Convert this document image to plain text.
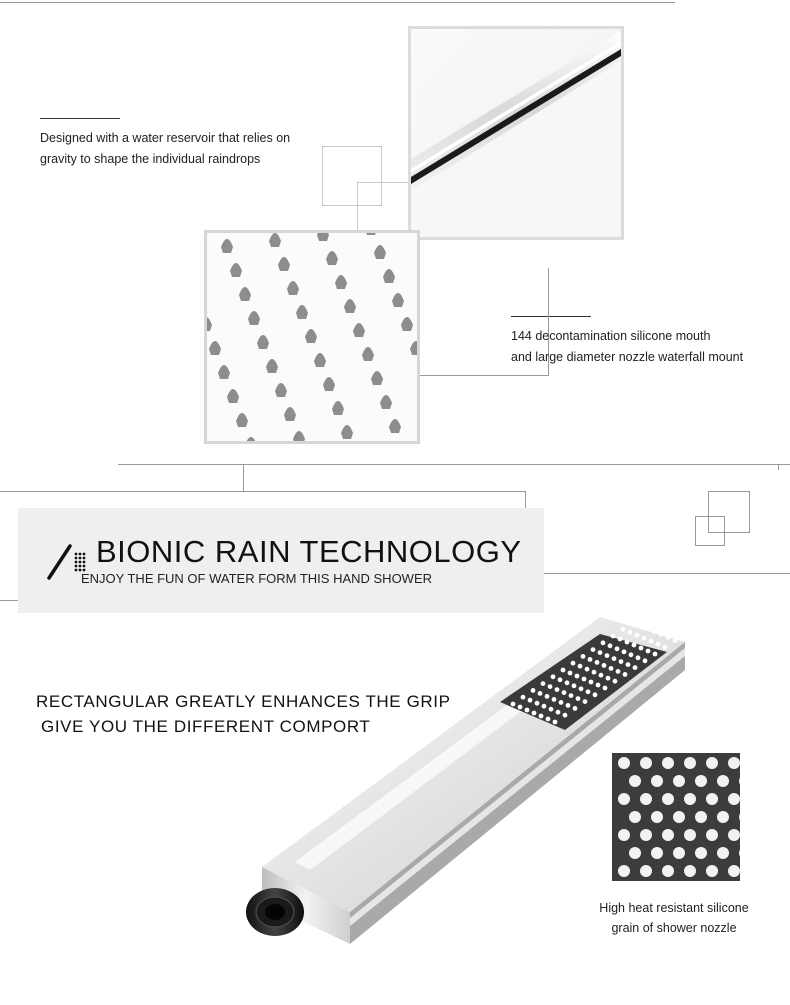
Designed with a water reservoir that relies on
gravity to shape the individual raindrops
144 decontamination silicone mouth
and large diameter nozzle waterfall mount
BIONIC RAIN TECHNOLOGY
ENJOY THE FUN OF WATER FORM THIS HAND SHOWER
RECTANGULAR GREATLY ENHANCES THE GRIP
GIVE YOU THE DIFFERENT COMPORT
High heat resistant silicone
grain of shower nozzle
